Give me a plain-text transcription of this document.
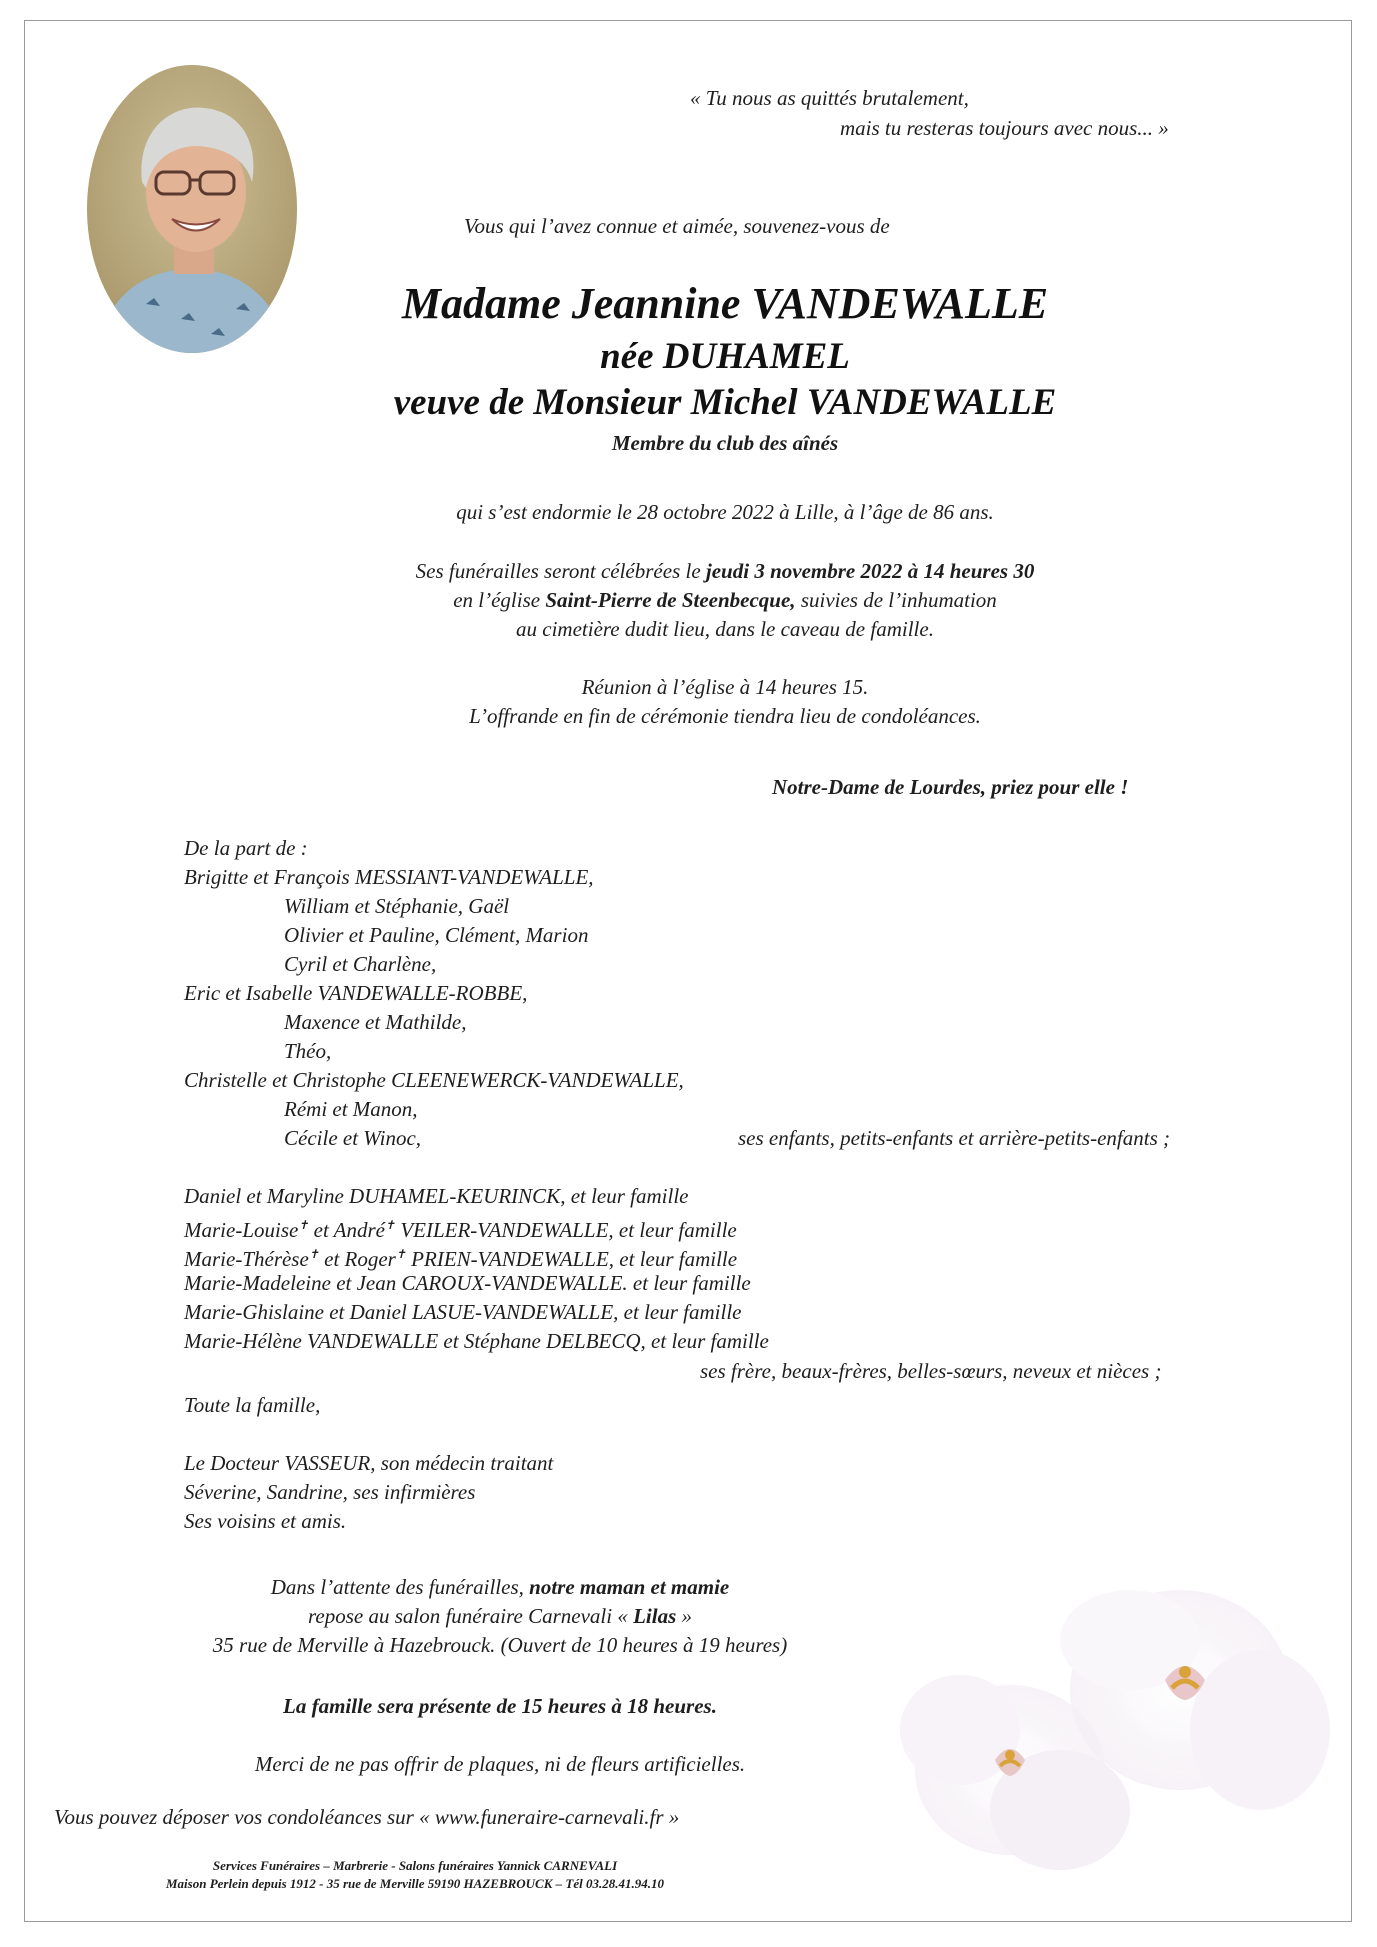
« Tu nous as quittés brutalement,
mais tu resteras toujours avec nous... »
Vous qui l’avez connue et aimée, souvenez-vous de
Madame Jeannine VANDEWALLE
née DUHAMEL
veuve de Monsieur Michel VANDEWALLE
Membre du club des aînés
qui s’est endormie le 28 octobre 2022 à Lille, à l’âge de 86 ans.
Ses funérailles seront célébrées le jeudi 3 novembre 2022 à 14 heures 30
en l’église Saint-Pierre de Steenbecque, suivies de l’inhumation
au cimetière dudit lieu, dans le caveau de famille.
Réunion à l’église à 14 heures 15.
L’offrande en fin de cérémonie tiendra lieu de condoléances.
Notre-Dame de Lourdes, priez pour elle !
De la part de :
Brigitte et François MESSIANT-VANDEWALLE,
William et Stéphanie, Gaël
Olivier et Pauline, Clément, Marion
Cyril et Charlène,
Eric et Isabelle VANDEWALLE-ROBBE,
Maxence et Mathilde,
Théo,
Christelle et Christophe CLEENEWERCK-VANDEWALLE,
Rémi et Manon,
Cécile et Winoc,	ses enfants, petits-enfants et arrière-petits-enfants ;
Daniel et Maryline DUHAMEL-KEURINCK, et leur famille
Marie-Louise✝ et André✝ VEILER-VANDEWALLE, et leur famille
Marie-Thérèse✝ et Roger✝ PRIEN-VANDEWALLE, et leur famille
Marie-Madeleine et Jean CAROUX-VANDEWALLE. et leur famille
Marie-Ghislaine et Daniel LASUE-VANDEWALLE, et leur famille
Marie-Hélène VANDEWALLE et Stéphane DELBECQ, et leur famille
ses frère, beaux-frères, belles-sœurs, neveux et nièces ;
Toute la famille,
Le Docteur VASSEUR, son médecin traitant
Séverine, Sandrine, ses infirmières
Ses voisins et amis.
Dans l’attente des funérailles, notre maman et mamie
repose au salon funéraire Carnevali « Lilas »
35 rue de Merville à Hazebrouck. (Ouvert de 10 heures à 19 heures)
La famille sera présente de 15 heures à 18 heures.
Merci de ne pas offrir de plaques, ni de fleurs artificielles.
Vous pouvez déposer vos condoléances sur « www.funeraire-carnevali.fr »
Services Funéraires – Marbrerie - Salons funéraires Yannick CARNEVALI
Maison Perlein depuis 1912 - 35 rue de Merville 59190 HAZEBROUCK – Tél 03.28.41.94.10
